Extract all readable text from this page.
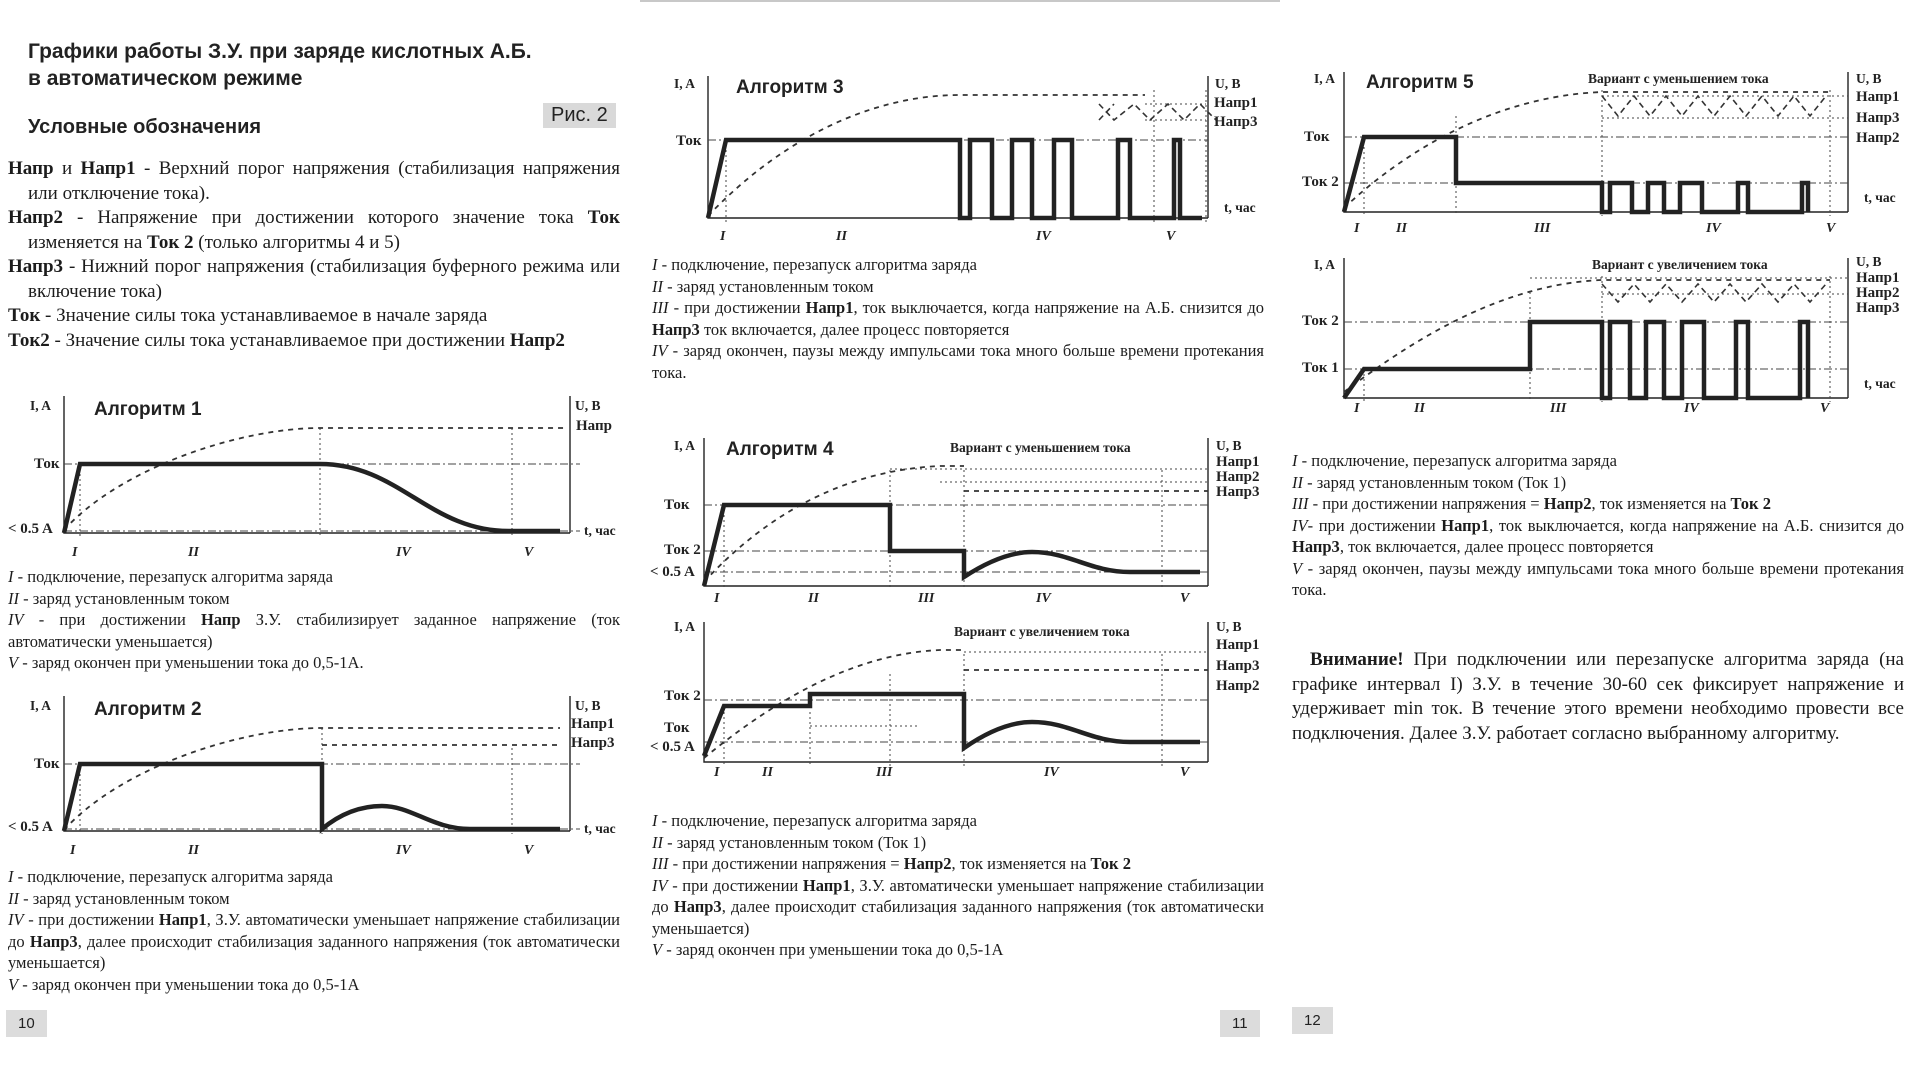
Графики работы З.У. при заряде кислотных А.Б.
в автоматическом режиме
Рис. 2
Условные обозначения

Напр и Напр1 - Верхний порог напряжения (стабилизация напряжения или отключение тока).

Напр2 - Напряжение при достижении которого значение тока Ток изменяется на Ток 2 (только алгоритмы 4 и 5)

Напр3 - Нижний порог напряжения (стабилизация буферного режима или включение тока)

Ток - Значение силы тока устанавливаемое в начале заряда

Ток2 - Значение силы тока устанавливаемое при достижении Напр2

I, A Алгоритм 1	U, B
Напр
Ток
< 0.5 A	t, час
I	II	IV	V

I - подключение, перезапуск алгоритма заряда

II - заряд установленным током

IV - при достижении Напр З.У. стабилизирует заданное напряжение (ток автоматически уменьшается)

V - заряд окончен при уменьшении тока до 0,5-1А.

I, A Алгоритм 2	U, B
Напр1
Напр3
Ток
< 0.5 A	t, час
I	II	IV	V

I - подключение, перезапуск алгоритма заряда

II - заряд установленным током

IV - при достижении Напр1, З.У. автоматически уменьшает напряжение стабилизации до Напр3, далее происходит стабилизация заданного напряжения (ток автоматически уменьшается)

V - заряд окончен при уменьшении тока до 0,5-1А

10
I, A Алгоритм 3	U, B
Напр1
Напр3
Ток
t, час
I	II	IV	V

I - подключение, перезапуск алгоритма заряда

II - заряд установленным током

III - при достижении Напр1, ток выключается, когда напряжение на А.Б. снизится до Напр3 ток включается, далее процесс повторяется

IV - заряд окончен, паузы между импульсами тока много больше времени протекания тока.

I, A Алгоритм 4	Вариант с уменьшением тока	U, B
Напр1
Напр2
Напр3
Ток
Ток 2
< 0.5 A
I	II	III	IV	V
I, A	Вариант с увеличением тока	U, B
Напр1
Напр3
Напр2
Ток 2
Ток
< 0.5 A
I	II	III	IV	V

I - подключение, перезапуск алгоритма заряда

II - заряд установленным током (Ток 1)

III - при достижении напряжения = Напр2, ток изменяется на Ток 2

IV - при достижении Напр1, З.У. автоматически уменьшает напряжение стабилизации до Напр3, далее происходит стабилизация заданного напряжения (ток автоматически уменьшается)

V - заряд окончен при уменьшении тока до 0,5-1А

11
I, A Алгоритм 5	Вариант с уменьшением тока	U, B
Напр1
Напр3
Напр2
Ток
Ток 2
t, час
I	II	III	IV	V
I, A	Вариант с увеличением тока	U, B
Напр1
Напр2
Напр3
Ток 2
Ток 1
t, час
I	II	III	IV	V

I - подключение, перезапуск алгоритма заряда

II - заряд установленным током (Ток 1)

III - при достижении напряжения = Напр2, ток изменяется на Ток 2

IV- при достижении Напр1, ток выключается, когда напряжение на А.Б. снизится до Напр3, ток включается, далее процесс повторяется

V - заряд окончен, паузы между импульсами тока много больше времени протекания тока.

Внимание! При подключении или перезапуске алгоритма заряда (на графике интервал I) З.У. в течение 30-60 сек фиксирует напряжение и удерживает min ток. В течение этого времени необходимо провести все подключения. Далее З.У. работает согласно выбранному алгоритму.
12
